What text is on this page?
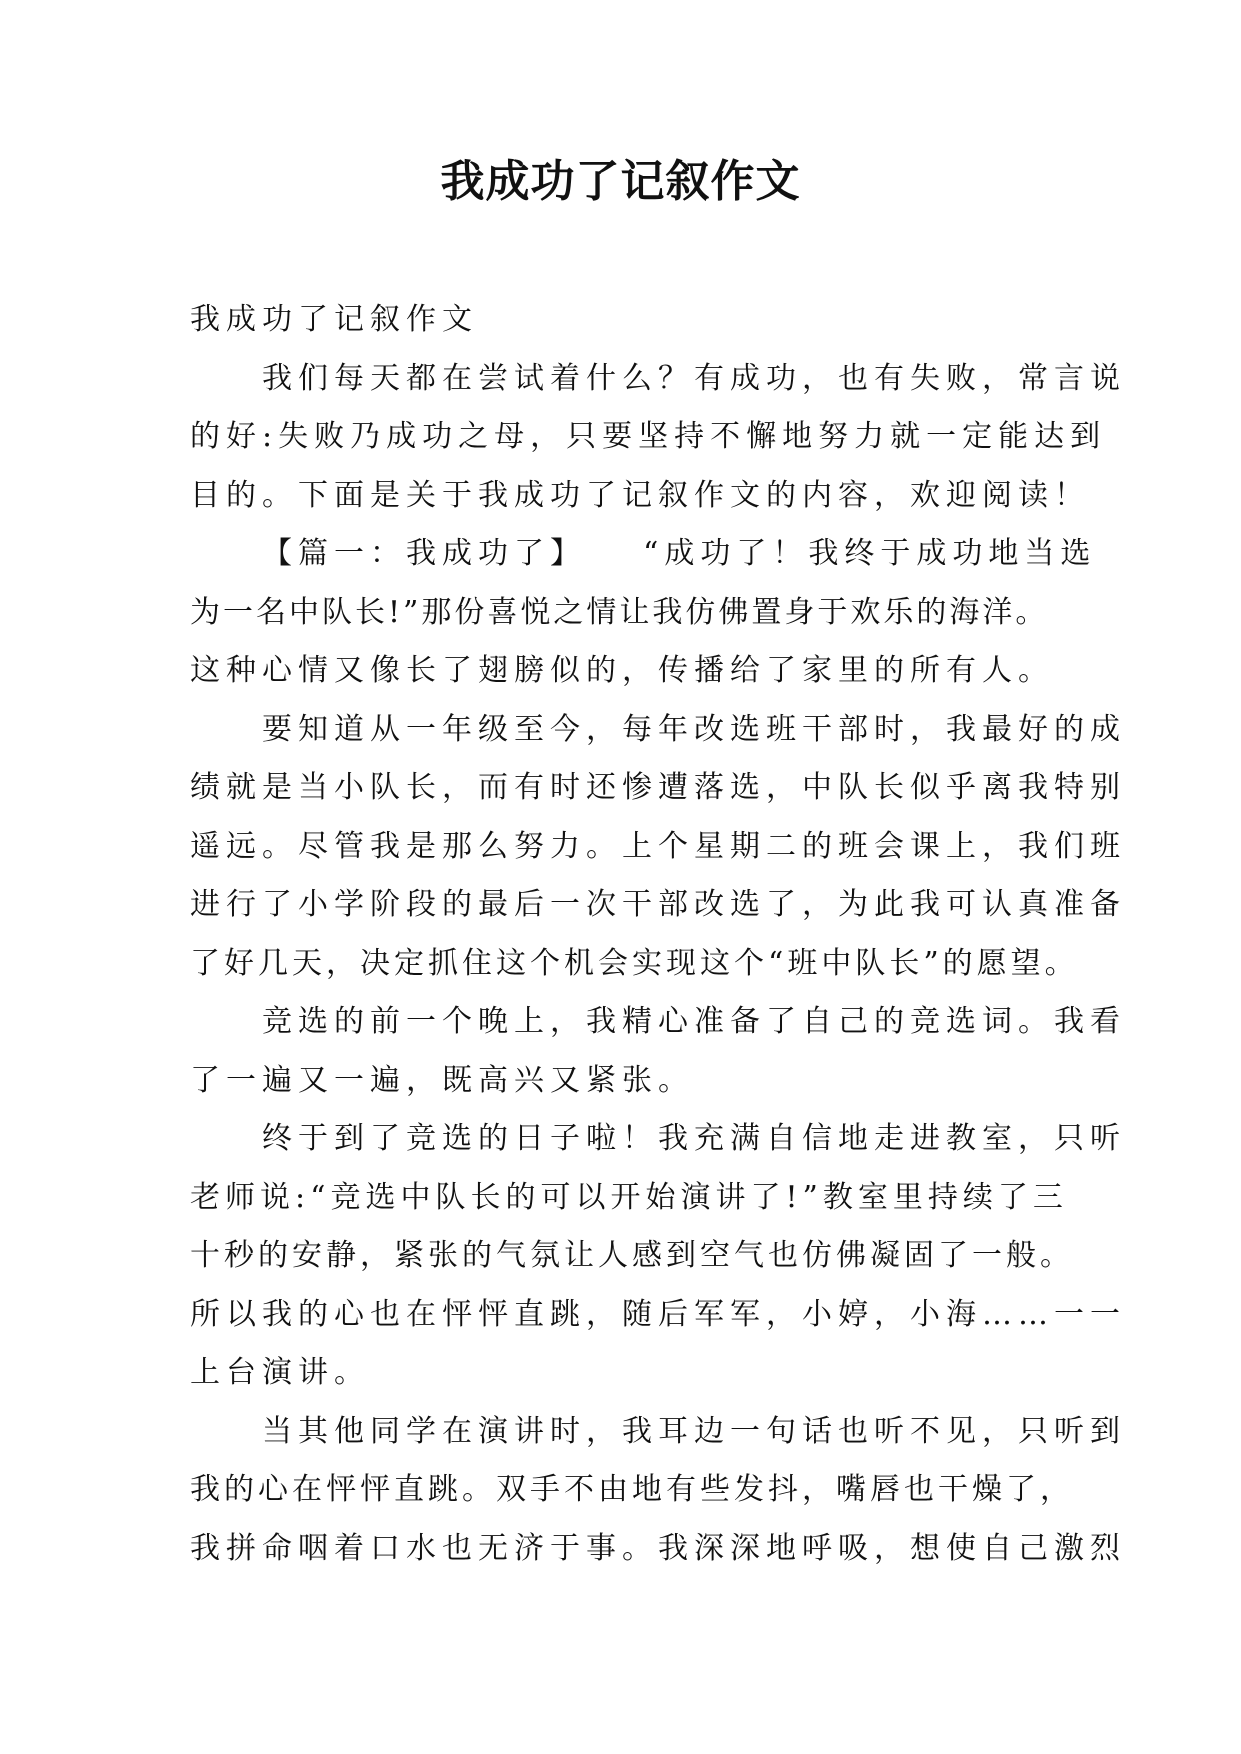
我成功了记叙作文

我成功了记叙作文

我们每天都在尝试着什么？有成功，也有失败，常言说
的好:失败乃成功之母，只要坚持不懈地努力就一定能达到
目的。下面是关于我成功了记叙作文的内容，欢迎阅读！

【篇一：我成功了】　　“成功了！我终于成功地当选
为一名中队长!”那份喜悦之情让我仿佛置身于欢乐的海洋。
这种心情又像长了翅膀似的，传播给了家里的所有人。

要知道从一年级至今，每年改选班干部时，我最好的成
绩就是当小队长，而有时还惨遭落选，中队长似乎离我特别
遥远。尽管我是那么努力。上个星期二的班会课上，我们班
进行了小学阶段的最后一次干部改选了，为此我可认真准备
了好几天，决定抓住这个机会实现这个“班中队长”的愿望。

竞选的前一个晚上，我精心准备了自己的竞选词。我看
了一遍又一遍，既高兴又紧张。

终于到了竞选的日子啦！我充满自信地走进教室，只听
老师说:“竞选中队长的可以开始演讲了!”教室里持续了三
十秒的安静，紧张的气氛让人感到空气也仿佛凝固了一般。
所以我的心也在怦怦直跳，随后军军，小婷，小海……一一
上台演讲。

当其他同学在演讲时，我耳边一句话也听不见，只听到
我的心在怦怦直跳。双手不由地有些发抖，嘴唇也干燥了，
我拼命咽着口水也无济于事。我深深地呼吸，想使自己激烈
